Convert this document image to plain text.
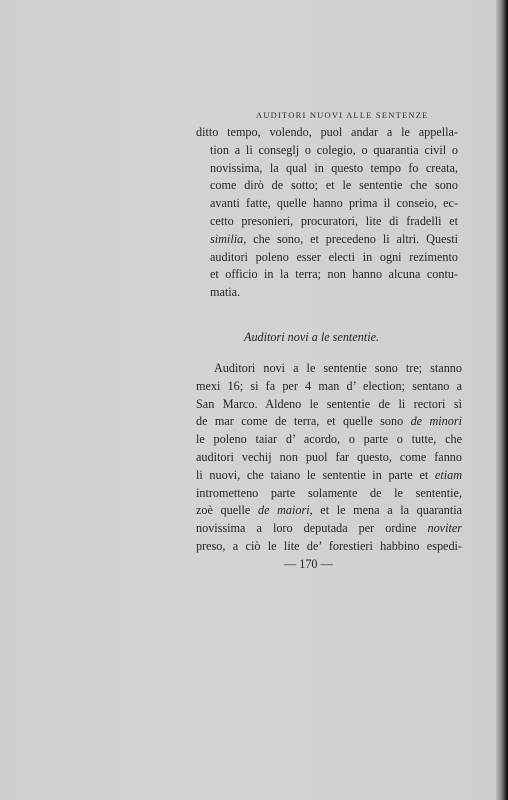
AUDITORI NUOVI ALLE SENTENZE
ditto tempo, volendo, puol andar a le appella-
tion a li conseglj o colegio, o quarantia civil o
novissima, la qual in questo tempo fo creata,
come dirò de sotto; et le sententie che sono
avanti fatte, quelle hanno prima il conseio, ec-
cetto presonieri, procuratori, lite di fradelli et
similia, che sono, et precedeno li altri. Questi
auditori poleno esser electi in ogni rezimento
et officio in la terra; non hanno alcuna contu-
matia.
Auditori novi a le sententie.
Auditori novi a le sententie sono tre; stanno
mexi 16; si fa per 4 man d’ election; sentano a
San Marco. Aldeno le sententie de li rectori sì
de mar come de terra, et quelle sono de minori
le poleno taiar d’ acordo, o parte o tutte, che
auditori vechij non puol far questo, come fanno
li nuovi, che taiano le sententie in parte et etiam
intrometteno parte solamente de le sententie,
zoè quelle de maiori, et le mena a la quarantia
novissima a loro deputada per ordine noviter
preso, a ciò le lite de’ forestieri habbino espedi-
— 170 —
